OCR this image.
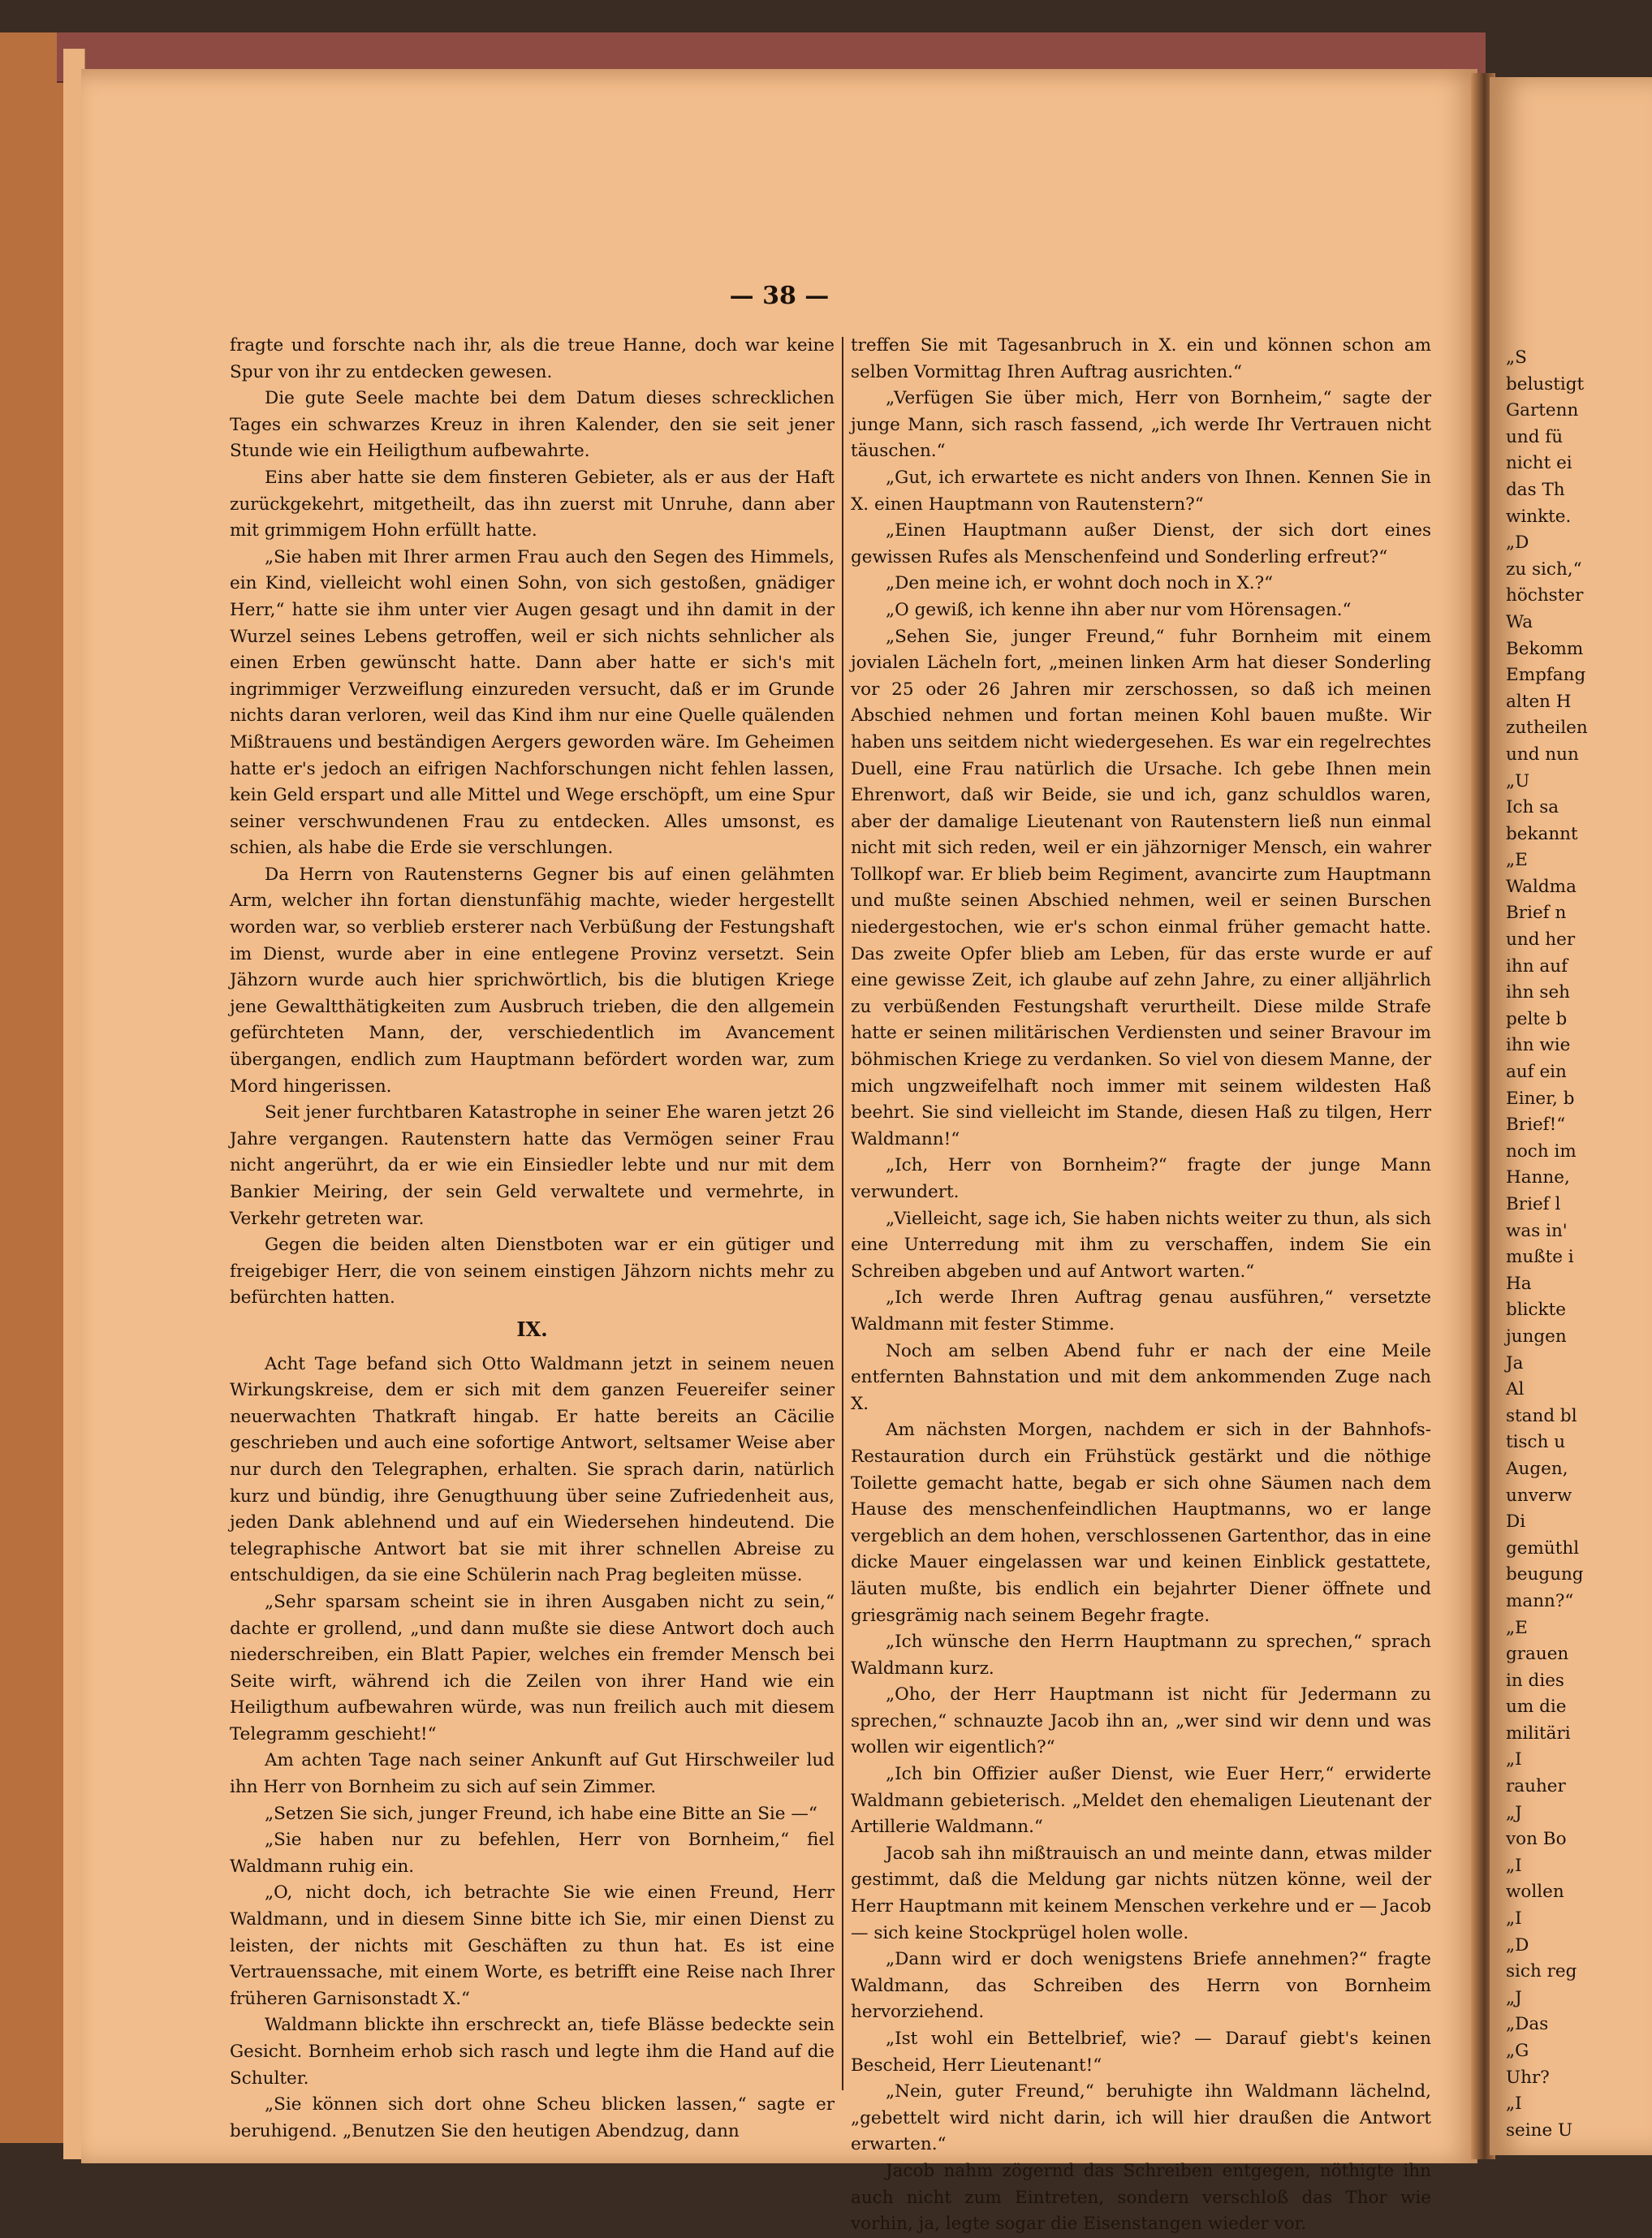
— 38 —

fragte und forschte nach ihr, als die treue Hanne, doch war keine Spur von ihr zu entdecken gewesen.

Die gute Seele machte bei dem Datum dieses schrecklichen Tages ein schwarzes Kreuz in ihren Kalender, den sie seit jener Stunde wie ein Heiligthum aufbewahrte.

Eins aber hatte sie dem finsteren Gebieter, als er aus der Haft zurückgekehrt, mitgetheilt, das ihn zuerst mit Unruhe, dann aber mit grimmigem Hohn erfüllt hatte.

„Sie haben mit Ihrer armen Frau auch den Segen des Himmels, ein Kind, vielleicht wohl einen Sohn, von sich gestoßen, gnädiger Herr,“ hatte sie ihm unter vier Augen gesagt und ihn damit in der Wurzel seines Lebens getroffen, weil er sich nichts sehnlicher als einen Erben gewünscht hatte. Dann aber hatte er sich's mit ingrimmiger Verzweiflung einzureden versucht, daß er im Grunde nichts daran verloren, weil das Kind ihm nur eine Quelle quälenden Mißtrauens und beständigen Aergers geworden wäre. Im Geheimen hatte er's jedoch an eifrigen Nachforschungen nicht fehlen lassen, kein Geld erspart und alle Mittel und Wege erschöpft, um eine Spur seiner verschwundenen Frau zu entdecken. Alles umsonst, es schien, als habe die Erde sie verschlungen.

Da Herrn von Rautensterns Gegner bis auf einen gelähmten Arm, welcher ihn fortan dienstunfähig machte, wieder hergestellt worden war, so verblieb ersterer nach Verbüßung der Festungshaft im Dienst, wurde aber in eine entlegene Provinz versetzt. Sein Jähzorn wurde auch hier sprichwörtlich, bis die blutigen Kriege jene Gewaltthätigkeiten zum Ausbruch trieben, die den allgemein gefürchteten Mann, der, verschiedentlich im Avancement übergangen, endlich zum Hauptmann befördert worden war, zum Mord hingerissen.

Seit jener furchtbaren Katastrophe in seiner Ehe waren jetzt 26 Jahre vergangen. Rautenstern hatte das Vermögen seiner Frau nicht angerührt, da er wie ein Einsiedler lebte und nur mit dem Bankier Meiring, der sein Geld verwaltete und vermehrte, in Verkehr getreten war.

Gegen die beiden alten Dienstboten war er ein gütiger und freigebiger Herr, die von seinem einstigen Jähzorn nichts mehr zu befürchten hatten.

IX.

Acht Tage befand sich Otto Waldmann jetzt in seinem neuen Wirkungskreise, dem er sich mit dem ganzen Feuereifer seiner neuerwachten Thatkraft hingab. Er hatte bereits an Cäcilie geschrieben und auch eine sofortige Antwort, seltsamer Weise aber nur durch den Telegraphen, erhalten. Sie sprach darin, natürlich kurz und bündig, ihre Genugthuung über seine Zufriedenheit aus, jeden Dank ablehnend und auf ein Wiedersehen hindeutend. Die telegraphische Antwort bat sie mit ihrer schnellen Abreise zu entschuldigen, da sie eine Schülerin nach Prag begleiten müsse.

„Sehr sparsam scheint sie in ihren Ausgaben nicht zu sein,“ dachte er grollend, „und dann mußte sie diese Antwort doch auch niederschreiben, ein Blatt Papier, welches ein fremder Mensch bei Seite wirft, während ich die Zeilen von ihrer Hand wie ein Heiligthum aufbewahren würde, was nun freilich auch mit diesem Telegramm geschieht!“

Am achten Tage nach seiner Ankunft auf Gut Hirschweiler lud ihn Herr von Bornheim zu sich auf sein Zimmer.

„Setzen Sie sich, junger Freund, ich habe eine Bitte an Sie —“

„Sie haben nur zu befehlen, Herr von Bornheim,“ fiel Waldmann ruhig ein.

„O, nicht doch, ich betrachte Sie wie einen Freund, Herr Waldmann, und in diesem Sinne bitte ich Sie, mir einen Dienst zu leisten, der nichts mit Geschäften zu thun hat. Es ist eine Vertrauenssache, mit einem Worte, es betrifft eine Reise nach Ihrer früheren Garnisonstadt X.“

Waldmann blickte ihn erschreckt an, tiefe Blässe bedeckte sein Gesicht. Bornheim erhob sich rasch und legte ihm die Hand auf die Schulter.

„Sie können sich dort ohne Scheu blicken lassen,“ sagte er beruhigend. „Benutzen Sie den heutigen Abendzug, dann

treffen Sie mit Tagesanbruch in X. ein und können schon am selben Vormittag Ihren Auftrag ausrichten.“

„Verfügen Sie über mich, Herr von Bornheim,“ sagte der junge Mann, sich rasch fassend, „ich werde Ihr Vertrauen nicht täuschen.“

„Gut, ich erwartete es nicht anders von Ihnen. Kennen Sie in X. einen Hauptmann von Rautenstern?“

„Einen Hauptmann außer Dienst, der sich dort eines gewissen Rufes als Menschenfeind und Sonderling erfreut?“

„Den meine ich, er wohnt doch noch in X.?“

„O gewiß, ich kenne ihn aber nur vom Hörensagen.“

„Sehen Sie, junger Freund,“ fuhr Bornheim mit einem jovialen Lächeln fort, „meinen linken Arm hat dieser Sonderling vor 25 oder 26 Jahren mir zerschossen, so daß ich meinen Abschied nehmen und fortan meinen Kohl bauen mußte. Wir haben uns seitdem nicht wiedergesehen. Es war ein regelrechtes Duell, eine Frau natürlich die Ursache. Ich gebe Ihnen mein Ehrenwort, daß wir Beide, sie und ich, ganz schuldlos waren, aber der damalige Lieutenant von Rautenstern ließ nun einmal nicht mit sich reden, weil er ein jähzorniger Mensch, ein wahrer Tollkopf war. Er blieb beim Regiment, avancirte zum Hauptmann und mußte seinen Abschied nehmen, weil er seinen Burschen niedergestochen, wie er's schon einmal früher gemacht hatte. Das zweite Opfer blieb am Leben, für das erste wurde er auf eine gewisse Zeit, ich glaube auf zehn Jahre, zu einer alljährlich zu verbüßenden Festungshaft verurtheilt. Diese milde Strafe hatte er seinen militärischen Verdiensten und seiner Bravour im böhmischen Kriege zu verdanken. So viel von diesem Manne, der mich ungzweifelhaft noch immer mit seinem wildesten Haß beehrt. Sie sind vielleicht im Stande, diesen Haß zu tilgen, Herr Waldmann!“

„Ich, Herr von Bornheim?“ fragte der junge Mann verwundert.

„Vielleicht, sage ich, Sie haben nichts weiter zu thun, als sich eine Unterredung mit ihm zu verschaffen, indem Sie ein Schreiben abgeben und auf Antwort warten.“

„Ich werde Ihren Auftrag genau ausführen,“ versetzte Waldmann mit fester Stimme.

Noch am selben Abend fuhr er nach der eine Meile entfernten Bahnstation und mit dem ankommenden Zuge nach X.

Am nächsten Morgen, nachdem er sich in der Bahnhofs-Restauration durch ein Frühstück gestärkt und die nöthige Toilette gemacht hatte, begab er sich ohne Säumen nach dem Hause des menschenfeindlichen Hauptmanns, wo er lange vergeblich an dem hohen, verschlossenen Gartenthor, das in eine dicke Mauer eingelassen war und keinen Einblick gestattete, läuten mußte, bis endlich ein bejahrter Diener öffnete und griesgrämig nach seinem Begehr fragte.

„Ich wünsche den Herrn Hauptmann zu sprechen,“ sprach Waldmann kurz.

„Oho, der Herr Hauptmann ist nicht für Jedermann zu sprechen,“ schnauzte Jacob ihn an, „wer sind wir denn und was wollen wir eigentlich?“

„Ich bin Offizier außer Dienst, wie Euer Herr,“ erwiderte Waldmann gebieterisch. „Meldet den ehemaligen Lieutenant der Artillerie Waldmann.“

Jacob sah ihn mißtrauisch an und meinte dann, etwas milder gestimmt, daß die Meldung gar nichts nützen könne, weil der Herr Hauptmann mit keinem Menschen verkehre und er — Jacob — sich keine Stockprügel holen wolle.

„Dann wird er doch wenigstens Briefe annehmen?“ fragte Waldmann, das Schreiben des Herrn von Bornheim hervorziehend.

„Ist wohl ein Bettelbrief, wie? — Darauf giebt's keinen Bescheid, Herr Lieutenant!“

„Nein, guter Freund,“ beruhigte ihn Waldmann lächelnd, „gebettelt wird nicht darin, ich will hier draußen die Antwort erwarten.“

Jacob nahm zögernd das Schreiben entgegen, nöthigte ihn auch nicht zum Eintreten, sondern verschloß das Thor wie vorhin, ja, legte sogar die Eisenstangen wieder vor.

„S
belustigt
Gartenn
und fü
nicht ei
das Th
winkte.
„D
zu sich,“
höchster
Wa
Bekomm
Empfang
alten H
zutheilen
und nun
„U
Ich sa
bekannt
„E
Waldma
Brief n
und her
ihn auf
ihn seh
pelte b
ihn wie
auf ein
Einer, b
Brief!“
noch im
Hanne,
Brief l
was in'
mußte i
Ha
blickte
jungen
Ja
Al
stand bl
tisch u
Augen,
unverw
Di
gemüthl
beugung
mann?“
„E
grauen
in dies
um die
militäri
„I
rauher
„J
von Bo
„I
wollen
„I
„D
sich reg
„J
„Das
„G
Uhr?
„I
seine U
